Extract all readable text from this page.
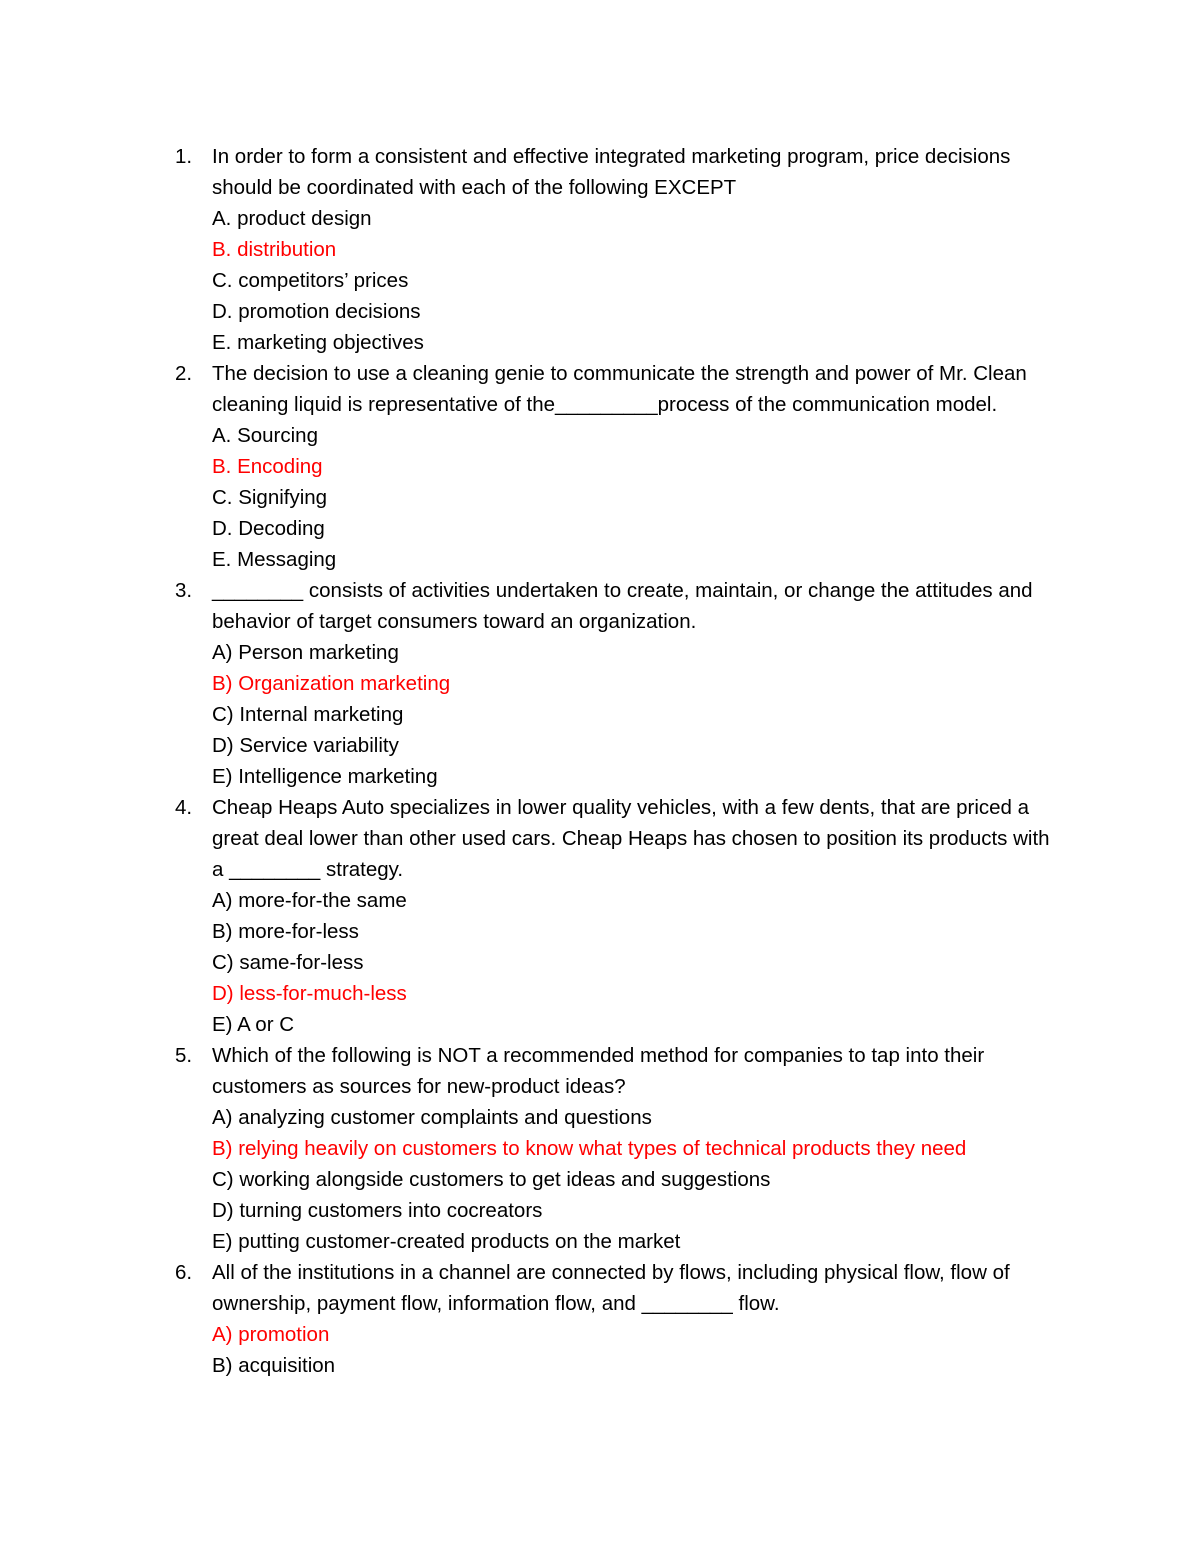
1. In order to form a consistent and effective integrated marketing program, price decisions should be coordinated with each of the following EXCEPT
A. product design
B. distribution
C. competitors’ prices
D. promotion decisions
E. marketing objectives
2. The decision to use a cleaning genie to communicate the strength and power of Mr. Clean cleaning liquid is representative of the_________process of the communication model.
A. Sourcing
B. Encoding
C. Signifying
D. Decoding
E. Messaging
3. ________ consists of activities undertaken to create, maintain, or change the attitudes and behavior of target consumers toward an organization.
A) Person marketing
B) Organization marketing
C) Internal marketing
D) Service variability
E) Intelligence marketing
4. Cheap Heaps Auto specializes in lower quality vehicles, with a few dents, that are priced a great deal lower than other used cars. Cheap Heaps has chosen to position its products with a ________ strategy.
A) more-for-the same
B) more-for-less
C) same-for-less
D) less-for-much-less
E) A or C
5. Which of the following is NOT a recommended method for companies to tap into their customers as sources for new-product ideas?
A) analyzing customer complaints and questions
B) relying heavily on customers to know what types of technical products they need
C) working alongside customers to get ideas and suggestions
D) turning customers into cocreators
E) putting customer-created products on the market
6. All of the institutions in a channel are connected by flows, including physical flow, flow of ownership, payment flow, information flow, and ________ flow.
A) promotion
B) acquisition
